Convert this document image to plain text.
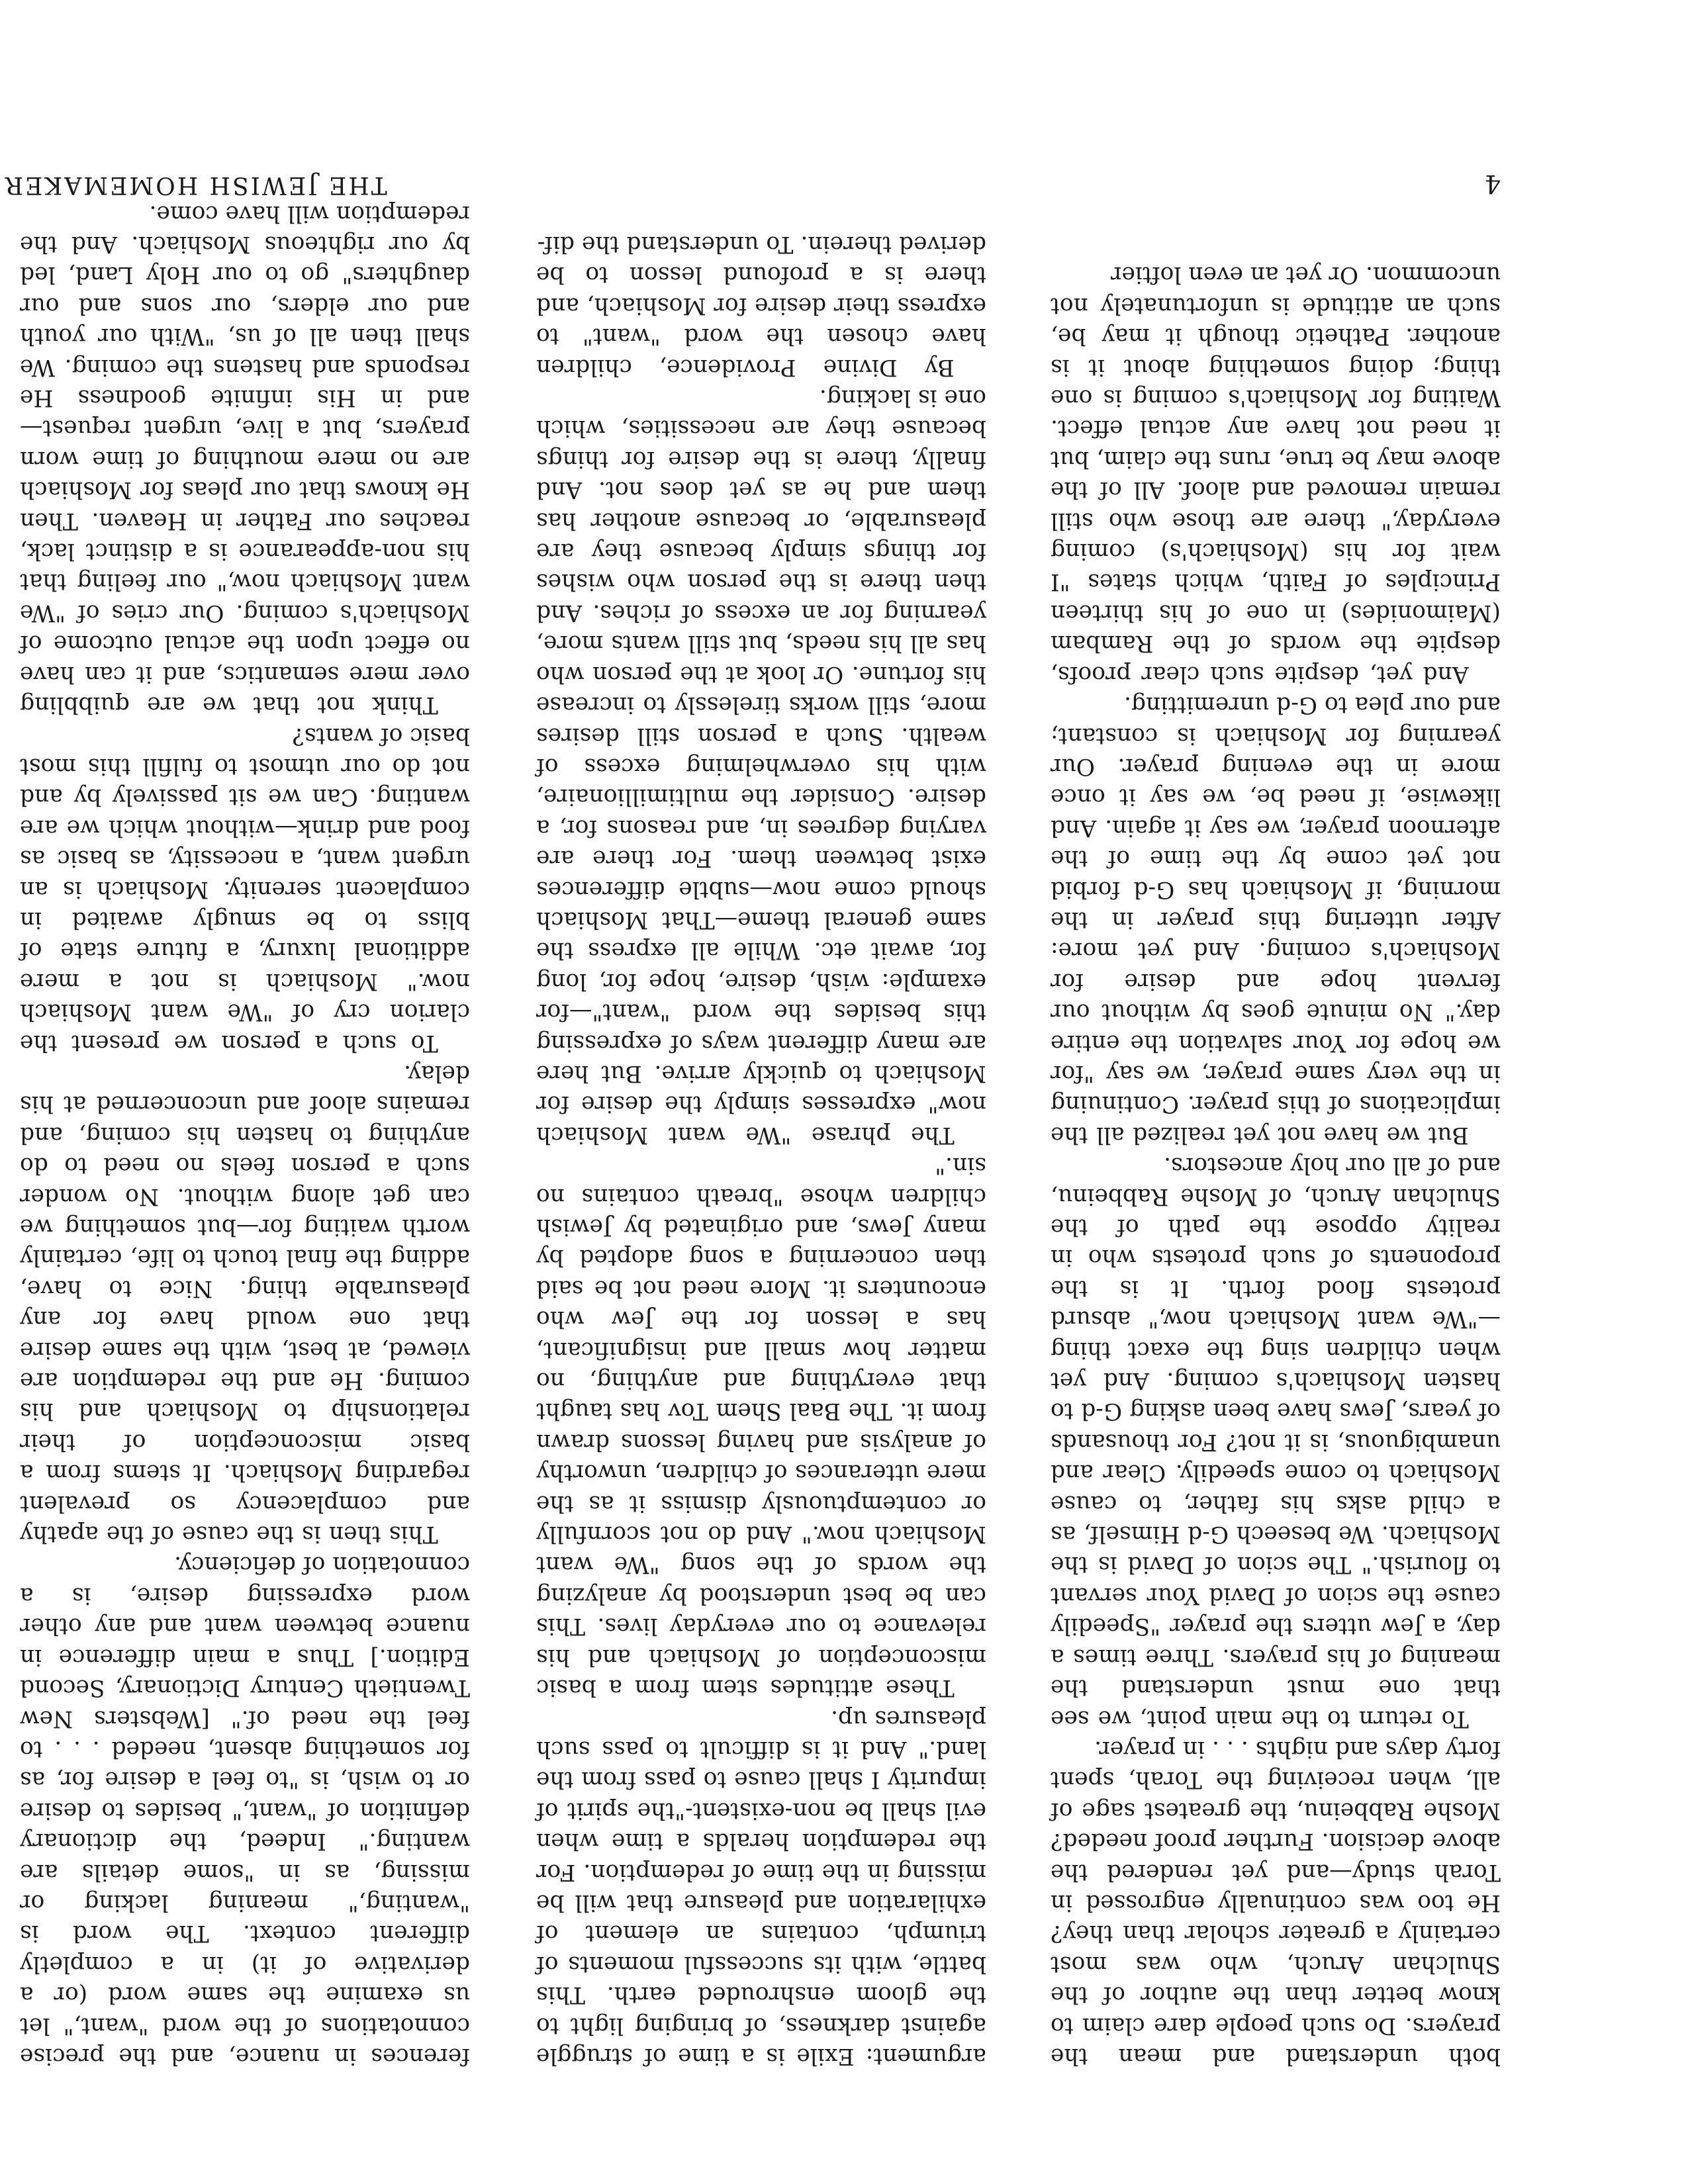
both understand and mean the prayers. Do such people dare claim to know better than the author of the Shulchan Aruch, who was most certainly a greater scholar than they? He too was continually engrossed in Torah study—and yet rendered the above decision. Further proof needed? Moshe Rabbeinu, the greatest sage of all, when receiving the Torah, spent forty days and nights . . . in prayer.

To return to the main point, we see that one must understand the meaning of his prayers. Three times a day, a Jew utters the prayer "Speedily cause the scion of David Your servant to flourish." The scion of David is the Moshiach. We beseech G-d Himself, as a child asks his father, to cause Moshiach to come speedily. Clear and unambiguous, is it not? For thousands of years, Jews have been asking G-d to hasten Moshiach's coming. And yet when children sing the exact thing—"We want Moshiach now," absurd protests flood forth. It is the proponents of such protests who in reality oppose the path of the Shulchan Aruch, of Moshe Rabbeinu, and of all our holy ancestors.

But we have not yet realized all the implications of this prayer. Continuing in the very same prayer, we say "for we hope for Your salvation the entire day." No minute goes by without our fervent hope and desire for Moshiach's coming. And yet more: After uttering this prayer in the morning, if Moshiach has G-d forbid not yet come by the time of the afternoon prayer, we say it again. And likewise, if need be, we say it once more in the evening prayer. Our yearning for Moshiach is constant; and our plea to G-d unremitting.

And yet, despite such clear proofs, despite the words of the Rambam (Maimonides) in one of his thirteen Principles of Faith, which states "I wait for his (Moshiach's) coming everyday," there are those who still remain removed and aloof. All of the above may be true, runs the claim, but it need not have any actual effect. Waiting for Moshiach's coming is one thing; doing something about it is another. Pathetic though it may be, such an attitude is unfortunately not uncommon. Or yet an even loftier

argument: Exile is a time of struggle against darkness, of bringing light to the gloom enshrouded earth. This battle, with its successful moments of triumph, contains an element of exhilaration and pleasure that will be missing in the time of redemption. For the redemption heralds a time when evil shall be non-existent-"the spirit of impurity I shall cause to pass from the land." And it is difficult to pass such pleasures up.

These attitudes stem from a basic misconception of Moshiach and his relevance to our everyday lives. This can be best understood by analyzing the words of the song "We want Moshiach now." And do not scornfully or contemptuously dismiss it as the mere utterances of children, unworthy of analysis and having lessons drawn from it. The Baal Shem Tov has taught that everything and anything, no matter how small and insignificant, has a lesson for the Jew who encounters it. More need not be said then concerning a song adopted by many Jews, and originated by Jewish children whose "breath contains no sin."

The phrase "We want Moshiach now" expresses simply the desire for Moshiach to quickly arrive. But here are many different ways of expressing this besides the word "want"—for example: wish, desire, hope for, long for, await etc. While all express the same general theme—That Moshiach should come now—subtle differences exist between them. For there are varying degrees in, and reasons for, a desire. Consider the multimillionaire, with his overwhelming excess of wealth. Such a person still desires more, still works tirelessly to increase his fortune. Or look at the person who has all his needs, but still wants more, yearning for an excess of riches. And then there is the person who wishes for things simply because they are pleasurable, or because another has them and he as yet does not. And finally, there is the desire for things because they are necessities, which one is lacking.

By Divine Providence, children have chosen the word "want" to express their desire for Moshiach, and there is a profound lesson to be derived therein. To understand the dif-

ferences in nuance, and the precise connotations of the word "want," let us examine the same word (or a derivative of it) in a completly different context. The word is "wanting," meaning lacking or missing, as in "some details are wanting." Indeed, the dictionary definition of "want," besides to desire or to wish, is "to feel a desire for, as for something absent, needed . . . to feel the need of." [Websters New Twentieth Century Dictionary, Second Edition.] Thus a main difference in nuance between want and any other word expressing desire, is a connotation of deficiency.

This then is the cause of the apathy and complacency so prevalent regarding Moshiach. It stems from a basic misconception of their relationship to Moshiach and his coming. He and the redemption are viewed, at best, with the same desire that one would have for any pleasurable thing. Nice to have, adding the final touch to life, certainly worth waiting for—but something we can get along without. No wonder such a person feels no need to do anything to hasten his coming, and remains aloof and unconcerned at his delay.

To such a person we present the clarion cry of "We want Moshiach now." Moshiach is not a mere additional luxury, a future state of bliss to be smugly awaited in complacent serenity. Moshiach is an urgent want, a necessity, as basic as food and drink—without which we are wanting. Can we sit passively by and not do our utmost to fulfill this most basic of wants?

Think not that we are quibbling over mere semantics, and it can have no effect upon the actual outcome of Moshiach's coming. Our cries of "We want Moshiach now," our feeling that his non-appearance is a distinct lack, reaches our Father in Heaven. Then He knows that our pleas for Moshiach are no mere mouthing of time worn prayers, but a live, urgent request—and in His infinite goodness He responds and hastens the coming. We shall then all of us, "With our youth and our elders, our sons and our daughters" go to our Holy Land, led by our righteous Moshiach. And the redemption will have come.

4
THE JEWISH HOMEMAKER
